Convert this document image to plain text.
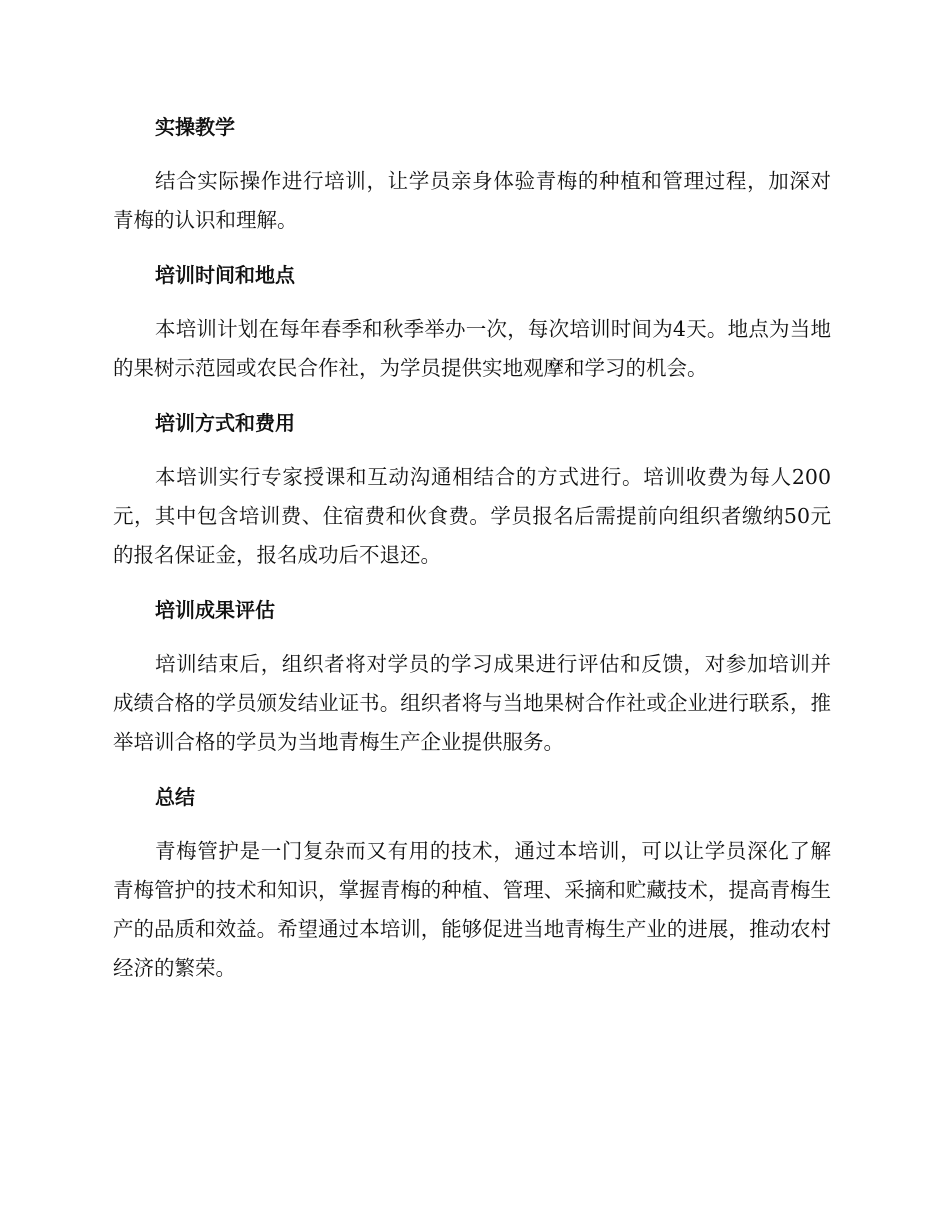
实操教学

结合实际操作进行培训，让学员亲身体验青梅的种植和管理过程，加深对青梅的认识和理解。

培训时间和地点

本培训计划在每年春季和秋季举办一次，每次培训时间为4天。地点为当地的果树示范园或农民合作社，为学员提供实地观摩和学习的机会。

培训方式和费用

本培训实行专家授课和互动沟通相结合的方式进行。培训收费为每人200元，其中包含培训费、住宿费和伙食费。学员报名后需提前向组织者缴纳50元的报名保证金，报名成功后不退还。

培训成果评估

培训结束后，组织者将对学员的学习成果进行评估和反馈，对参加培训并成绩合格的学员颁发结业证书。组织者将与当地果树合作社或企业进行联系，推举培训合格的学员为当地青梅生产企业提供服务。

总结

青梅管护是一门复杂而又有用的技术，通过本培训，可以让学员深化了解青梅管护的技术和知识，掌握青梅的种植、管理、采摘和贮藏技术，提高青梅生产的品质和效益。希望通过本培训，能够促进当地青梅生产业的进展，推动农村经济的繁荣。
